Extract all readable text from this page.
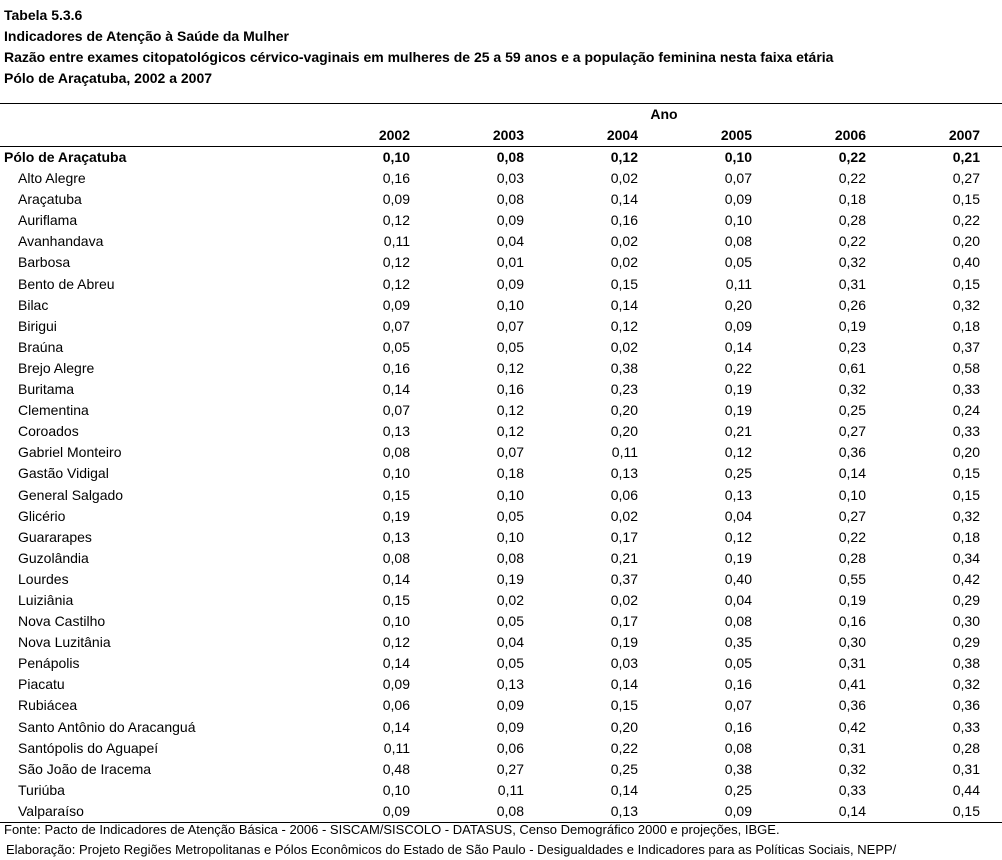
Tabela 5.3.6
Indicadores de Atenção à Saúde da Mulher
Razão entre exames citopatológicos cérvico-vaginais em mulheres de 25 a 59 anos e a população feminina nesta faixa etária
Pólo de Araçatuba, 2002 a 2007
Ano
2002	2003	2004	2005	2006	2007
Pólo de Araçatuba	0,10	0,08	0,12	0,10	0,22	0,21
Alto Alegre	0,16	0,03	0,02	0,07	0,22	0,27
Araçatuba	0,09	0,08	0,14	0,09	0,18	0,15
Auriflama	0,12	0,09	0,16	0,10	0,28	0,22
Avanhandava	0,11	0,04	0,02	0,08	0,22	0,20
Barbosa	0,12	0,01	0,02	0,05	0,32	0,40
Bento de Abreu	0,12	0,09	0,15	0,11	0,31	0,15
Bilac	0,09	0,10	0,14	0,20	0,26	0,32
Birigui	0,07	0,07	0,12	0,09	0,19	0,18
Braúna	0,05	0,05	0,02	0,14	0,23	0,37
Brejo Alegre	0,16	0,12	0,38	0,22	0,61	0,58
Buritama	0,14	0,16	0,23	0,19	0,32	0,33
Clementina	0,07	0,12	0,20	0,19	0,25	0,24
Coroados	0,13	0,12	0,20	0,21	0,27	0,33
Gabriel Monteiro	0,08	0,07	0,11	0,12	0,36	0,20
Gastão Vidigal	0,10	0,18	0,13	0,25	0,14	0,15
General Salgado	0,15	0,10	0,06	0,13	0,10	0,15
Glicério	0,19	0,05	0,02	0,04	0,27	0,32
Guararapes	0,13	0,10	0,17	0,12	0,22	0,18
Guzolândia	0,08	0,08	0,21	0,19	0,28	0,34
Lourdes	0,14	0,19	0,37	0,40	0,55	0,42
Luiziânia	0,15	0,02	0,02	0,04	0,19	0,29
Nova Castilho	0,10	0,05	0,17	0,08	0,16	0,30
Nova Luzitânia	0,12	0,04	0,19	0,35	0,30	0,29
Penápolis	0,14	0,05	0,03	0,05	0,31	0,38
Piacatu	0,09	0,13	0,14	0,16	0,41	0,32
Rubiácea	0,06	0,09	0,15	0,07	0,36	0,36
Santo Antônio do Aracanguá	0,14	0,09	0,20	0,16	0,42	0,33
Santópolis do Aguapeí	0,11	0,06	0,22	0,08	0,31	0,28
São João de Iracema	0,48	0,27	0,25	0,38	0,32	0,31
Turiúba	0,10	0,11	0,14	0,25	0,33	0,44
Valparaíso	0,09	0,08	0,13	0,09	0,14	0,15
Fonte: Pacto de Indicadores de Atenção Básica - 2006 - SISCAM/SISCOLO - DATASUS, Censo Demográfico 2000 e projeções, IBGE.
Elaboração: Projeto Regiões Metropolitanas e Pólos Econômicos do Estado de São Paulo - Desigualdades e Indicadores para as Políticas Sociais, NEPP/
